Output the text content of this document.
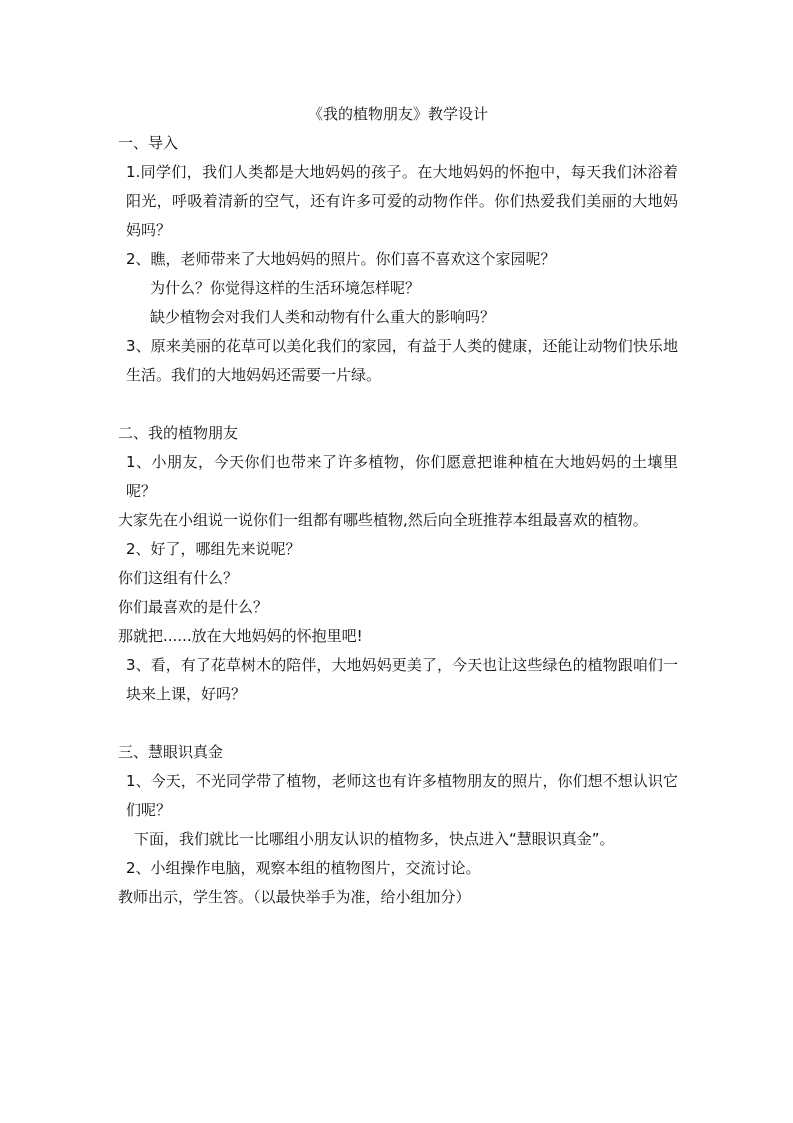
《我的植物朋友》教学设计

一、导入

1.同学们，我们人类都是大地妈妈的孩子。在大地妈妈的怀抱中，每天我们沐浴着阳光，呼吸着清新的空气，还有许多可爱的动物作伴。你们热爱我们美丽的大地妈妈吗？

2、瞧，老师带来了大地妈妈的照片。你们喜不喜欢这个家园呢？

为什么？你觉得这样的生活环境怎样呢？

缺少植物会对我们人类和动物有什么重大的影响吗？

3、原来美丽的花草可以美化我们的家园，有益于人类的健康，还能让动物们快乐地生活。我们的大地妈妈还需要一片绿。

二、我的植物朋友

1、小朋友，今天你们也带来了许多植物，你们愿意把谁种植在大地妈妈的土壤里呢？

大家先在小组说一说你们一组都有哪些植物,然后向全班推荐本组最喜欢的植物。

2、好了，哪组先来说呢？

你们这组有什么？

你们最喜欢的是什么？

那就把......放在大地妈妈的怀抱里吧!

3、看，有了花草树木的陪伴，大地妈妈更美了，今天也让这些绿色的植物跟咱们一块来上课，好吗？

三、慧眼识真金

1、今天，不光同学带了植物，老师这也有许多植物朋友的照片，你们想不想认识它们呢？

下面，我们就比一比哪组小朋友认识的植物多，快点进入“慧眼识真金”。

2、小组操作电脑，观察本组的植物图片，交流讨论。

教师出示，学生答。（以最快举手为准，给小组加分）
